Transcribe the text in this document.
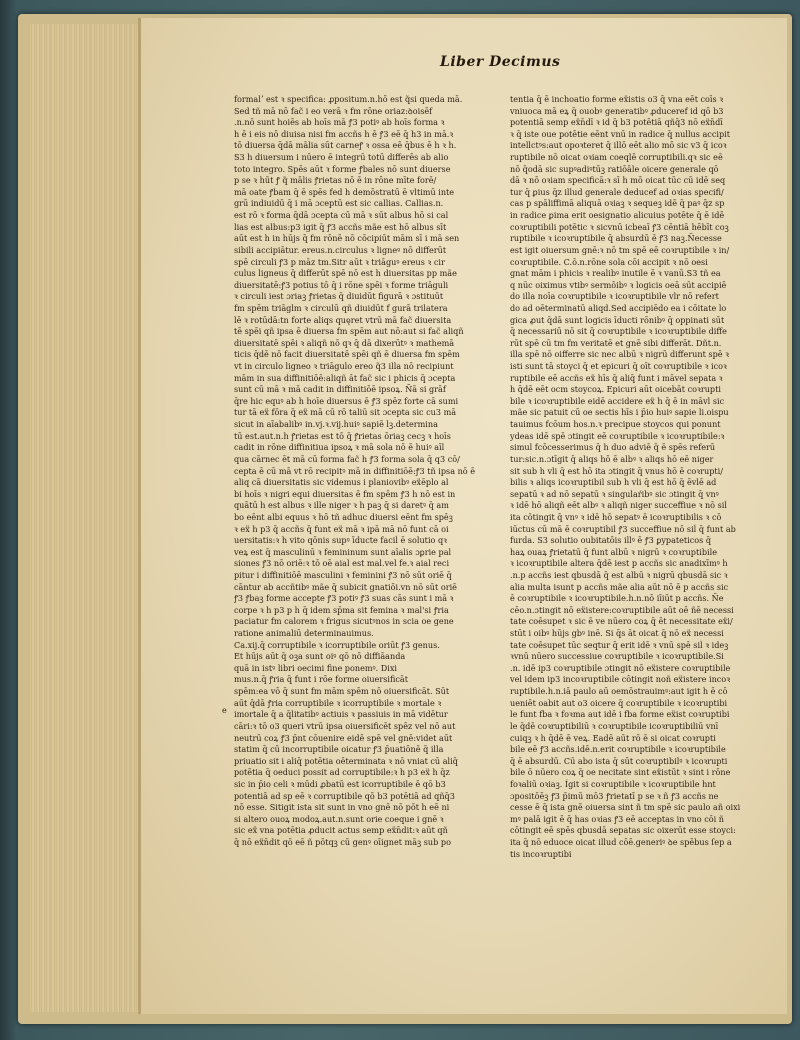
Liber Decimus
e
formalʼ est ꝛ specifica: ꝓpositum.n.hō est q̃si queda mā.
Sed tñ mā nō fac̃ i eo verā ꝛ fm rōne oriaz:ꝺoisēf
.n.nō sunt hoiēs ab hoīs mā ꝭ3 potiꝰ ab hoīs forma ꝛ
h ē i eis nō diuisa nisi fm accñs h ē ꝭ3 eē q̄ h3 in mā.ꝛ
tō diuersa q̄dā mālia sūt carneꝭ ꝛ ossa eē q̄bus ē h ꝛ h.
S3 h diuersum i nūero ē integrū totū differēs ab alio
toto integro. Spēs aūt ꝛ forme ꝭbales nō sunt diuerse
p se ꝛ hūt ꝭ q̃ mālis ꝭrietas nō ē in rōne mīte forē/
mā oate ꝭbam q̄ ē spēs fed h demōstratū ē vltimū inte
grū indiuidū q̄ i mā ɔceptū est sic callias. Callias.n.
est rō ꝛ forma q̄dā ɔcepta cū mā ꝛ sūt albus hō si cal
lias est albus:p3 igit q̄ ꝭ3 accñs mãe est hō albus sīt
aūt est h in hūjs q̄ fm rōnē nō cōcipiūt mām sī i mā sen
sibili accipiātur. ereus.n.circulus ꝛ ligneꝰ nō differūt
spē circuli ꝭ3 p māz tm.Sitr aūt ꝛ triāguꝰ ereus ꝛ cir
culus ligneus q̄ differūt spē nō est h diuersitas pp mãe
diuersitatē:ꝭ3 potius tō q̄ i rōne spēi ꝛ forme triāguli
ꝛ circuli iest ɔriaꝫ ꝭrietas q̄ diuidūt figurā ꝛ ɔstituūt
fm spēm triāglm ꝛ circulū qñ diuidūt f gurā trilatera
lē ꝛ rotūdā:tn forte aliqs quęret vtrū mā fac̃ diuersita
tē spēi qñ ipsa ē diuersa fm spēm aut nō:aut si fac̃ aliqñ
diuersitatē spēi ꝛ aliqñ nō qꝛ q̄ dā dixerūtꝰ ꝛ mathemā
ticis q̄dē nō facit diuersitatē spēi qñ ē diuersa fm spēm
vt in circulo ligneo ꝛ triāgulo ereo q̃3 illa nō recipiunt
mām in sua diffinitiōē:aliqñ āt fac̃ sic i phicis q̄ ɔcepta
sunt cū mā ꝛ mā cadit in diffinitiōē ipsoꝝ. Ñā si grāf
q̄re hic equꝰ ab h hoīe diuersus ē ꝭ3 spēz forte cā sumi
tur tā eẍ fōra q̄ eẍ mā cū rō taliū sit ɔcepta sic cu3 mā
sicut in aīabalibꝰ in.vj.ꝛ.vij.huiꝰ sapiē lꝫ.determina
tū est.aut.n.h ꝭrietas est tō q̄ ꝭrietas ōriaꝫ cecꝫ ꝛ hoīs
cadit in rōne diffinitiua ipsoꝝ ꝛ mā sola nō ē huiꝰ aīl
qua cārnec ēt mā cū forma fac̃ h ꝭ3 forma sola q̄ q3 cō/
cepta ē cū mā vt rō recipitꝰ mā in diffinitiōē:ꝭ3 tñ ipsa nō ē
aliq cā diuersitatis sic videmus i planiovibꝰ eẍēplo al
bi hoīs ꝛ nigri equi diuersitas ē fm spēm ꝭ3 h nō est in
quātū h est albus ꝛ ille niger ꝛ h paꝫ q̄ si daretꝰ q̄ am
bo eēnt albi equus ꝛ hō tñ adhuc diuersi eēnt fm spēꝫ
ꝛ eẍ h p3 q̄ accñs q̄ funt eẍ mā ꝛ ipā mā nō funt cā oi
uersitatis:ꝛ h vito qōnis supꝰ īducte facil̄ ē solutio qꝛ
veꝝ est q̄ masculinū ꝛ femininum sunt aīalis ɔꝑrie pal
siones ꝭ3 nō oriē:ꝛ tō oē aial est mal.vel fe.ꝛ aial reci
pitur i diffinitiōē masculini ꝛ feminini ꝭ3 nō sūt oriē q̄
cāntur ab accñtibꝰ mãe q̄ subicit gnatiōi.vn nō sūt oriē
ꝭ3 ꝭbaꝫ forme accepte ꝭ3 potiꝰ ꝭ3 suas cās sunt i mā ꝛ
corpe ꝛ h p3 p h q̄ idem sp̄ma sit femina ꝛ mal'si ꝭria
paciatur fm calorem ꝛ frigus sicutꝰnos in scia oe gene
ratione animaliū determinauimus.
Ca.xij.q̄ corruptibile ꝛ icorruptibile oriūt ꝭ3 genus.
Et hūjs aūt q̄ oꝫa sunt oiꝰ qō nō diffiāanda
quā in istꝰ libri oecimi fine ponemꝰ. Dixi
mus.n.q̄ ꝭria q̄ funt i rōe forme oiuersificāt
spēm:ea vō q̄ sunt fm mām spēm nō oiuersificāt. Sūt
aūt q̄dā ꝭria corruptibile ꝛ icorruptibile ꝛ mortale ꝛ
imortale q̄ a q̄litatibꝰ actiuis ꝛ passiuis in mā vidētur
cāri:ꝛ tō o3 queri vtrū ipsa oiuersificēt spēz vel nō aut
neutrū coꝝ ꝭ3 p̄nt cōuenire eidē spē vel gnē:videt aūt
statim q̄ cū incorruptibile oicatur ꝭ3 p̄uatiōnē q̄ illa
priuatio sit i aliq̄ potētia oēterminata ꝛ nō vniat cū aliq̄
potētia q̄ oeduci possit ad corruptibile:ꝛ h p3 eẍ h q̄z
sic in p̄io celi ꝛ mūdi ꝓbatū est icorruptibile ē qō b3
potentiā ad sp eē ꝛ corruptibile qō b3 potētiā ad qñq̄3
nō esse. Sitigit ista sit sunt in vno gnē nō pōt h eē ni
si altero ouoꝝ modoꝝ.aut.n.sunt orie coeque i gnē ꝛ
sic eẍ vna potētia ꝓducit actus semp eẍn̄dit:ꝛ aūt qñ
q̄ nō eẍn̄dit qō eē ñ pōtqꝫ cū genꝰ oīignet māꝫ sub po
tentia q̄ ē inchoatio forme eẍistis o3 q̄ vna eēt coīs ꝛ
vniuoca mā eꝝ q̄ ouobꝰ generatibꝰ ꝓduceref id qō b3
potentiā semp eẍn̄dī ꝛ id q̄ b3 potētiā qñq̄3 nō eẍn̄dī
ꝛ q̄ iste oue potētie eēnt vnū in radice q̄ nullus accipit
intellctꝰs:aut opoꝛteret q̄ illō eēt alio mō sic v3 q̄ icoꝛ
ruptibile nō oicat oꝛiam coeqlē corruptibili.qꝛ sic eē
nō q̄odā sic supꝰadiꝰtūꝫ ratiōāle oicere generale qō
dā ꝛ nō oꝛiam specificā:ꝛ sī h mō oicat tūc cū idē seq
tur q̄ ꝑius q̄z illud generale deducef ad oꝛias specifi/
cas p spāliffimā aliquā oꝛiaꝫ ꝛ sequeꝫ idē q̄ paꝰ q̄z sp
in radice ꝑima erit oesignatio alicuius potēte q̄ ē idē
coꝛruptibili potētic ꝛ sicvnū icbeaī ꝭ3 cēntiā hēbīt coꝫ
ruptibile ꝛ icoꝛruptibile q̄ absurdū ē ꝭ3 naꝫ.Ñecesse
est igit oiuersum gnē:ꝛ nō tm spē eē coꝛruptibile ꝛ in/
coꝛruptibile. C.ō.n.rōne sola cōi accipit ꝛ nō oesi
gnat mām i phicis ꝛ realibꝰ inutile ē ꝛ vanū.S3 tñ ea
q nūc oiximus vtibꝰ sermōibꝰ ꝛ logicis oeā sūt accipiē
do illa noīa coꝛruptibile ꝛ icoꝛruptibile vlr nō refert
do ad oēterminatū aliqd.Sed accipiēdo ea i cōitate lo
gica ꝓut q̄dā sunt logicis īducti rōnibꝰ q̄ oppinati sūt
q̄ necessariū nō sit q̄ coꝛruptibile ꝛ icoꝛruptibile diffe
rūt spē cū tm fm veritatē et gnē sibi differāt. Dñt.n.
illa spē nō oifferre sic nec albū ꝛ nigrū differunt spē ꝛ
isti sunt tā stoyci q̄ et epicuri q̄ oīt coꝛruptibile ꝛ icoꝛ
ruptibile eē accñs eẍ hīs q̄ aliq̄ funt i māvel sepata ꝛ
h q̄dē eēt ocm stoycoꝝ. Epicuri aūt oicebāt coꝛrupti
bile ꝛ icoꝛruptibile eidē accidere eẍ h q̄ ē in māvl sic
mãe sic patuit cū oe sectis hīs i p̄io huiꝰ sapie li.oispu
tauimus fcōum hos.n.ꝛ precipue stoycos qui ponunt
ydeas idē spē ɔtingit eē coꝛruptibile ꝛ icoꝛruptibile:ꝛ
simul fcōcesserimus q̄ h duo adviē q̄ ē spēs referū
tur:sic.n.ɔtīgit q̄ aliqs hō ē albꝰ ꝛ aliqs hō eē niger
sit sub h vli q̄ est hō ita ɔtingit q̄ vnus hō ē coꝛrupti/
bilis ꝛ aliqs icoꝛruptibil sub h vli q̄ est hō q̄ ēvlē ad
sepatū ꝛ ad nō sepatū ꝛ singulaŕibꝰ sic ɔtingit q̄ vnꝰ
ꝛ idē hō aliqñ eēt albꝰ ꝛ aliqñ niger succeffiue ꝛ nō sil̄
ita cōtingit q̄ vnꝰ ꝛ idē hō sepatꝰ ē icoꝛruptibilis ꝛ cō
iūctus cū mā ē coꝛruptibil ꝭ3 succeffiue nō sil̄ q̄ funt ab
furda. S3 solutio oubitatōis illꝰ ē ꝭ3 ꝑypateticos q̄
haꝝ ouaꝝ ꝭrietatū q̄ funt albū ꝛ nigrū ꝛ coꝛruptibile
ꝛ icoꝛruptibile altera q̄dē iest p accñs sic anadixīmꝰ h
.n.p accñs iest qbusdā q̄ est albū ꝛ nigrū qbusdā sic ꝛ
alia multa isunt p accñs mãe alia aūt nō ē p accñs sic
ē coꝛruptibile ꝛ icoꝛruptibile.h.n.nō iīiūt p accñs. Ñe
cēo.n.ɔtingit nō eẍistere:coꝛruptibile aūt oē ñē necessi
tate coēsupet ꝛ sic ē ve nūero coꝝ q̄ ēt necessitate eẍi/
stūt i oibꝰ hūjs gbꝰ inē. Si q̄s āt oicat q̄ nō eẍ necessi
tate coēsupet tūc seqtur q̄ erit idē ꝛ vnū spē sil̄ ꝛ ideꝫ
ꝛvnū nūero successiue coꝛruptibile ꝛ icoꝛruptibile.Si
.n. idē ip3 coꝛruptibile ɔtingit nō eẍistere coꝛruptibile
vel idem ip3 incoꝛruptibile cōtingit noñ eẍistere incoꝛ
ruptibile.h.n.iā paulo aū oemōstrauimꝰ:aut igit h ē cō
ueniēt oabit aut o3 oicere q̄ coꝛruptibile ꝛ icoꝛruptibi
le funt fba ꝛ foꝛma aut idē i fba forme eẍist coꝛruptibi
le q̄dē coꝛruptibiliū ꝛ coꝛruptibile icoꝛruptibiliū vnī
cuiqꝫ ꝛ h q̄dē ē veꝝ. Eadē aūt rō ē si oicat coꝛrupti
bile eē ꝭ3 accñs.idē.n.erit coꝛruptibile ꝛ icoꝛruptibile
q̄ ē absurdū. Cū abo ista q̄ sūt coꝛruptibilꝰ ꝛ icoꝛrupti
bile ō nūero coꝝ q̄ oe necitate sint eẍistūt ꝛ sint i rōne
foꝛaliū oꝛiaꝫ. Ígit si coꝛruptibile ꝛ icoꝛruptibile hnt
ɔpositōēꝫ ꝭ3 p̄imū mō3 ꝭrietatī p se ꝛ ñ ꝭ3 accñs ne
cesse ē q̄ ista gnē oiuersa sint ñ tm spē sic paulo añ oixi
mꝰ palā igit ē q̄ has oꝛias ꝭ3 eē acceptas in vno cōi ñ
cōtingit eē spēs qbusdā sepatas sic oixerūt esse stoyci:
ita q̄ nō eduoce oicat illud cōē.generiꝰ ꝺe spēbus ſep a
tis incoꝛruptibi
